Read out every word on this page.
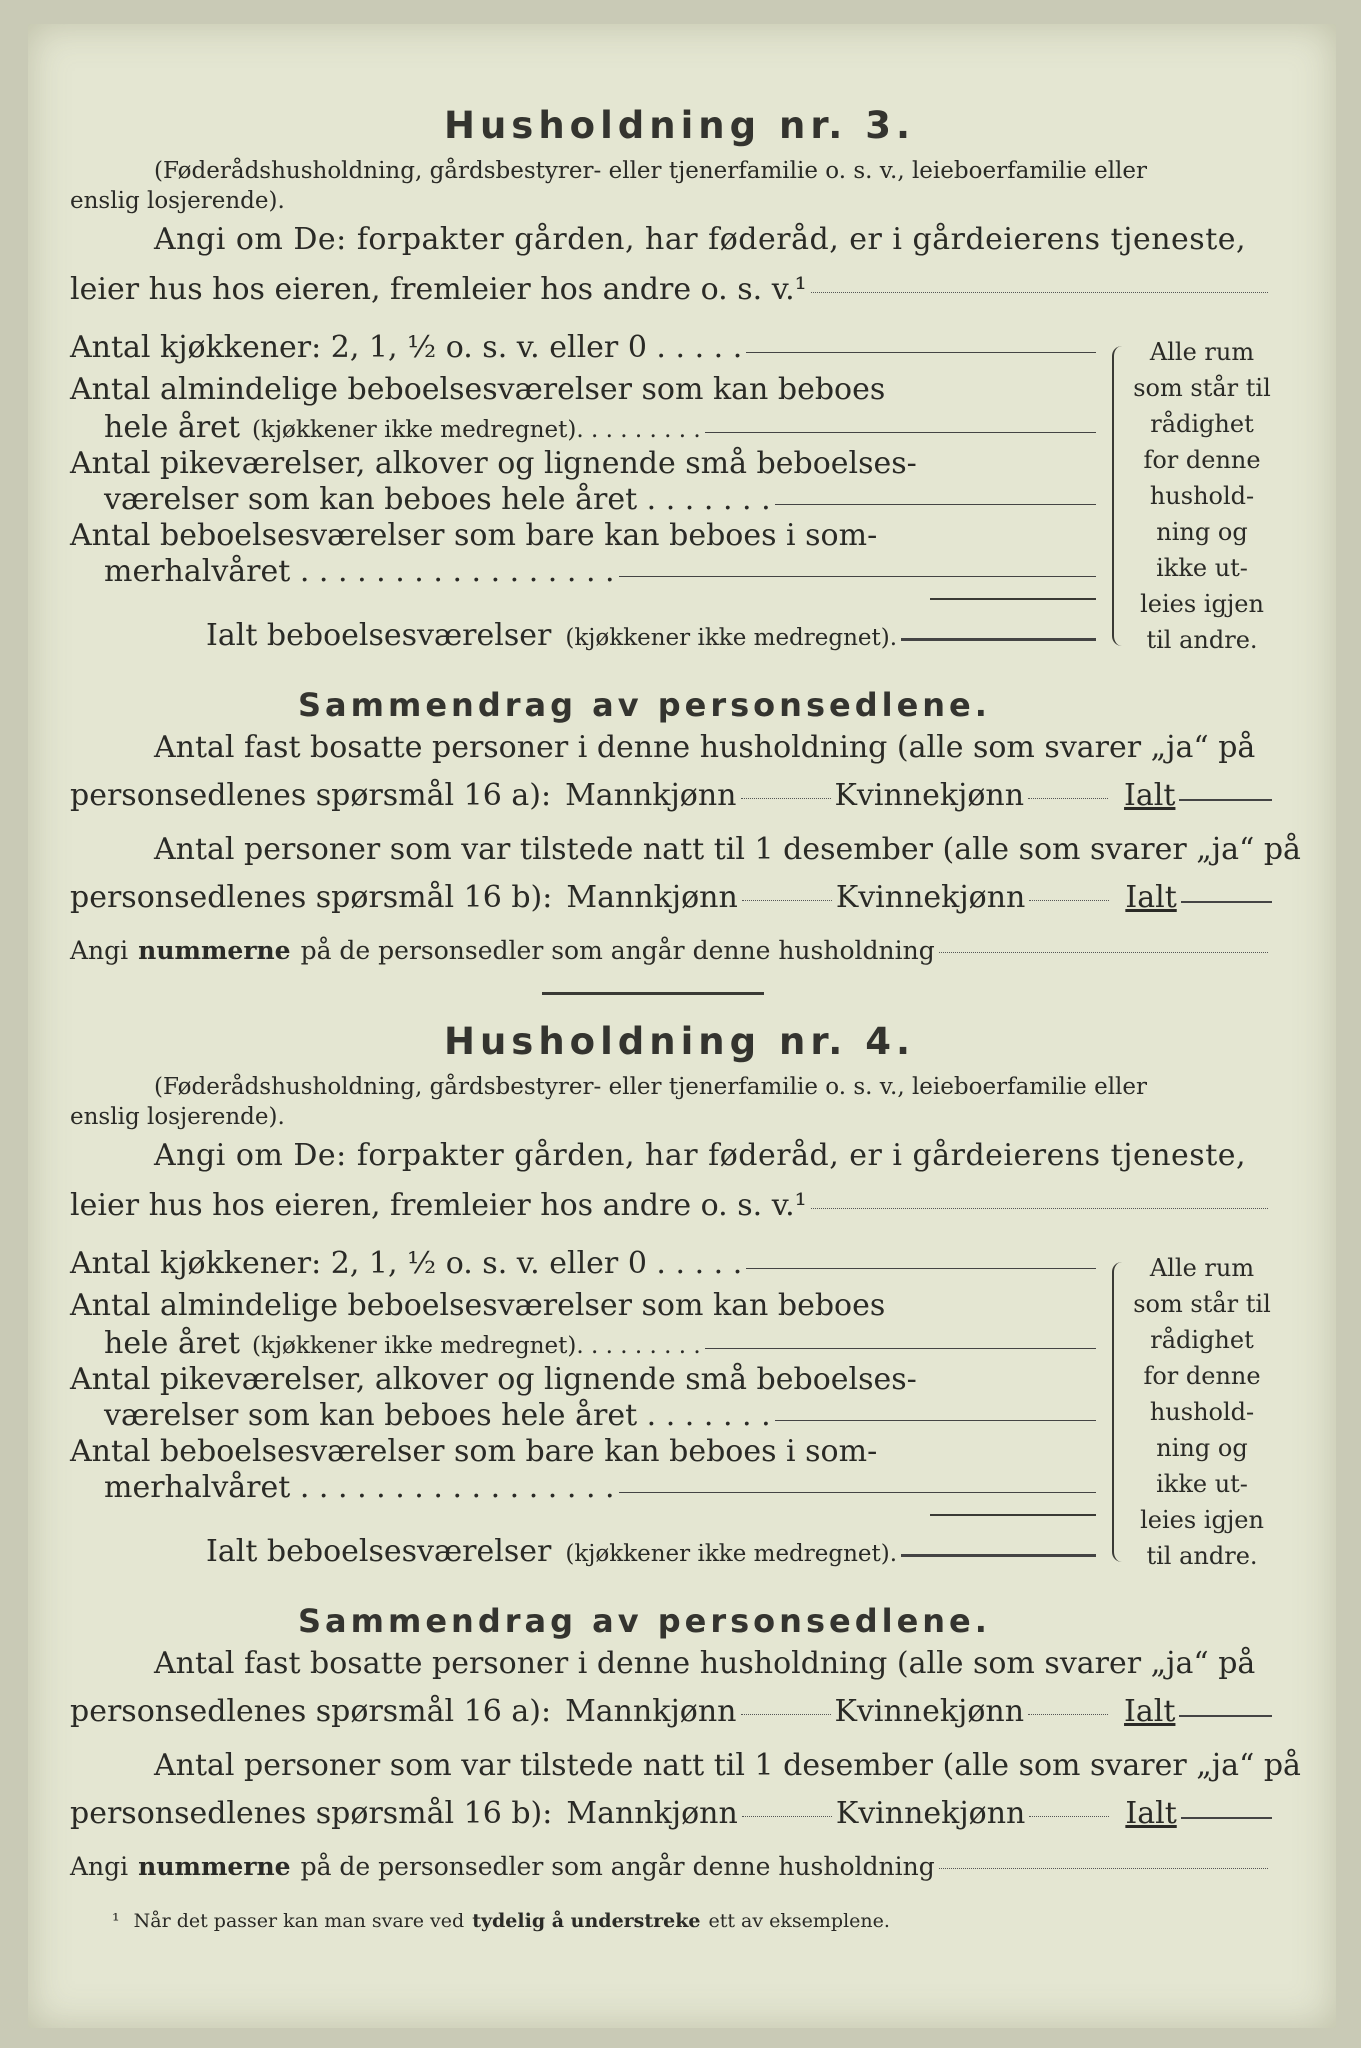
Husholdning nr. 3.
(Føderådshusholdning, gårdsbestyrer- eller tjenerfamilie o. s. v., leieboerfamilie eller
enslig losjerende).
Angi om De: forpakter gården, har føderåd, er i gårdeierens tjeneste,
leier hus hos eieren, fremleier hos andre o. s. v.¹
Antal kjøkkener: 2, 1, ½ o. s. v. eller 0 . . . . .
Antal almindelige beboelsesværelser som kan beboes
hele året (kjøkkener ikke medregnet). . . . . . . . .
Antal pikeværelser, alkover og lignende små beboelses-
værelser som kan beboes hele året . . . . . . .
Antal beboelsesværelser som bare kan beboes i som-
merhalvåret . . . . . . . . . . . . . . . . .
Ialt beboelsesværelser (kjøkkener ikke medregnet).
Alle rum
som står til
rådighet
for denne
hushold-
ning og
ikke ut-
leies igjen
til andre.
Sammendrag av personsedlene.
Antal fast bosatte personer i denne husholdning (alle som svarer „ja“ på
personsedlenes spørsmål 16 a): Mannkjønn	Kvinnekjønn	Ialt
Antal personer som var tilstede natt til 1 desember (alle som svarer „ja“ på
personsedlenes spørsmål 16 b): Mannkjønn	Kvinnekjønn	Ialt
Angi nummerne på de personsedler som angår denne husholdning
Husholdning nr. 4.
(Føderådshusholdning, gårdsbestyrer- eller tjenerfamilie o. s. v., leieboerfamilie eller
enslig losjerende).
Angi om De: forpakter gården, har føderåd, er i gårdeierens tjeneste,
leier hus hos eieren, fremleier hos andre o. s. v.¹
Antal kjøkkener: 2, 1, ½ o. s. v. eller 0 . . . . .
Antal almindelige beboelsesværelser som kan beboes
hele året (kjøkkener ikke medregnet). . . . . . . . .
Antal pikeværelser, alkover og lignende små beboelses-
værelser som kan beboes hele året . . . . . . .
Antal beboelsesværelser som bare kan beboes i som-
merhalvåret . . . . . . . . . . . . . . . . .
Ialt beboelsesværelser (kjøkkener ikke medregnet).
Alle rum
som står til
rådighet
for denne
hushold-
ning og
ikke ut-
leies igjen
til andre.
Sammendrag av personsedlene.
Antal fast bosatte personer i denne husholdning (alle som svarer „ja“ på
personsedlenes spørsmål 16 a): Mannkjønn	Kvinnekjønn	Ialt
Antal personer som var tilstede natt til 1 desember (alle som svarer „ja“ på
personsedlenes spørsmål 16 b): Mannkjønn	Kvinnekjønn	Ialt
Angi nummerne på de personsedler som angår denne husholdning
¹ Når det passer kan man svare ved tydelig å understreke ett av eksemplene.
